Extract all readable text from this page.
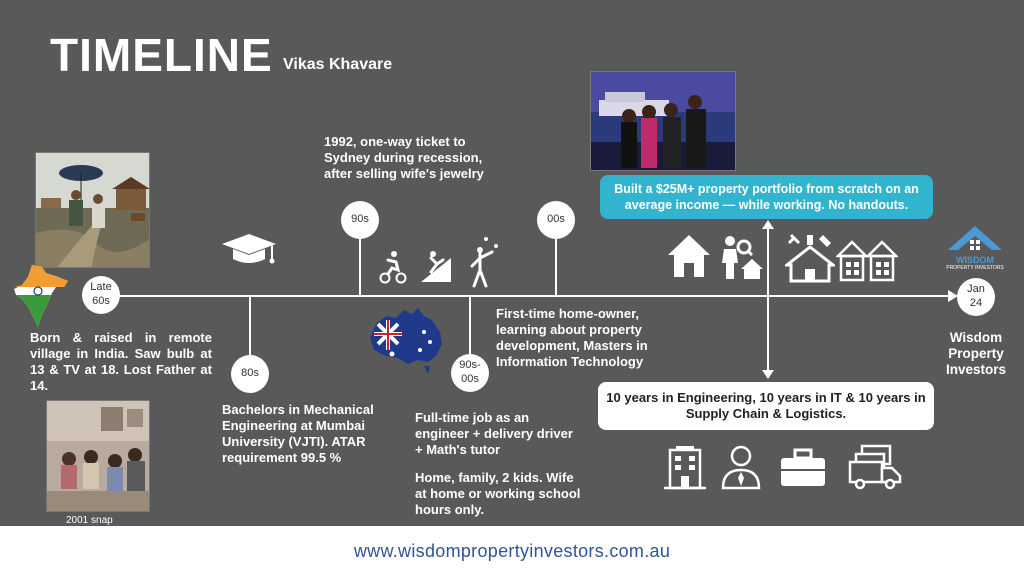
TIMELINE Vikas Khavare
Late
60s
Born & raised in remote village in India. Saw bulb at 13 & TV at 18. Lost Father at 14.
2001 snap
80s
Bachelors in Mechanical Engineering at Mumbai University (VJTI). ATAR requirement 99.5 %
1992, one-way ticket to Sydney during recession, after selling wife's jewelry
90s
90s-
00s
Full-time job as an engineer + delivery driver + Math's tutor
Home, family, 2 kids. Wife at home or working school hours only.
00s
First-time home-owner, learning about property development, Masters in Information Technology
Built a $25M+ property portfolio from scratch on an average income — while working. No handouts.
WISDOM
PROPERTY INVESTORS
Jan
24
Wisdom
Property
Investors
10 years in Engineering, 10 years in IT & 10 years in Supply Chain & Logistics.
www.wisdompropertyinvestors.com.au
